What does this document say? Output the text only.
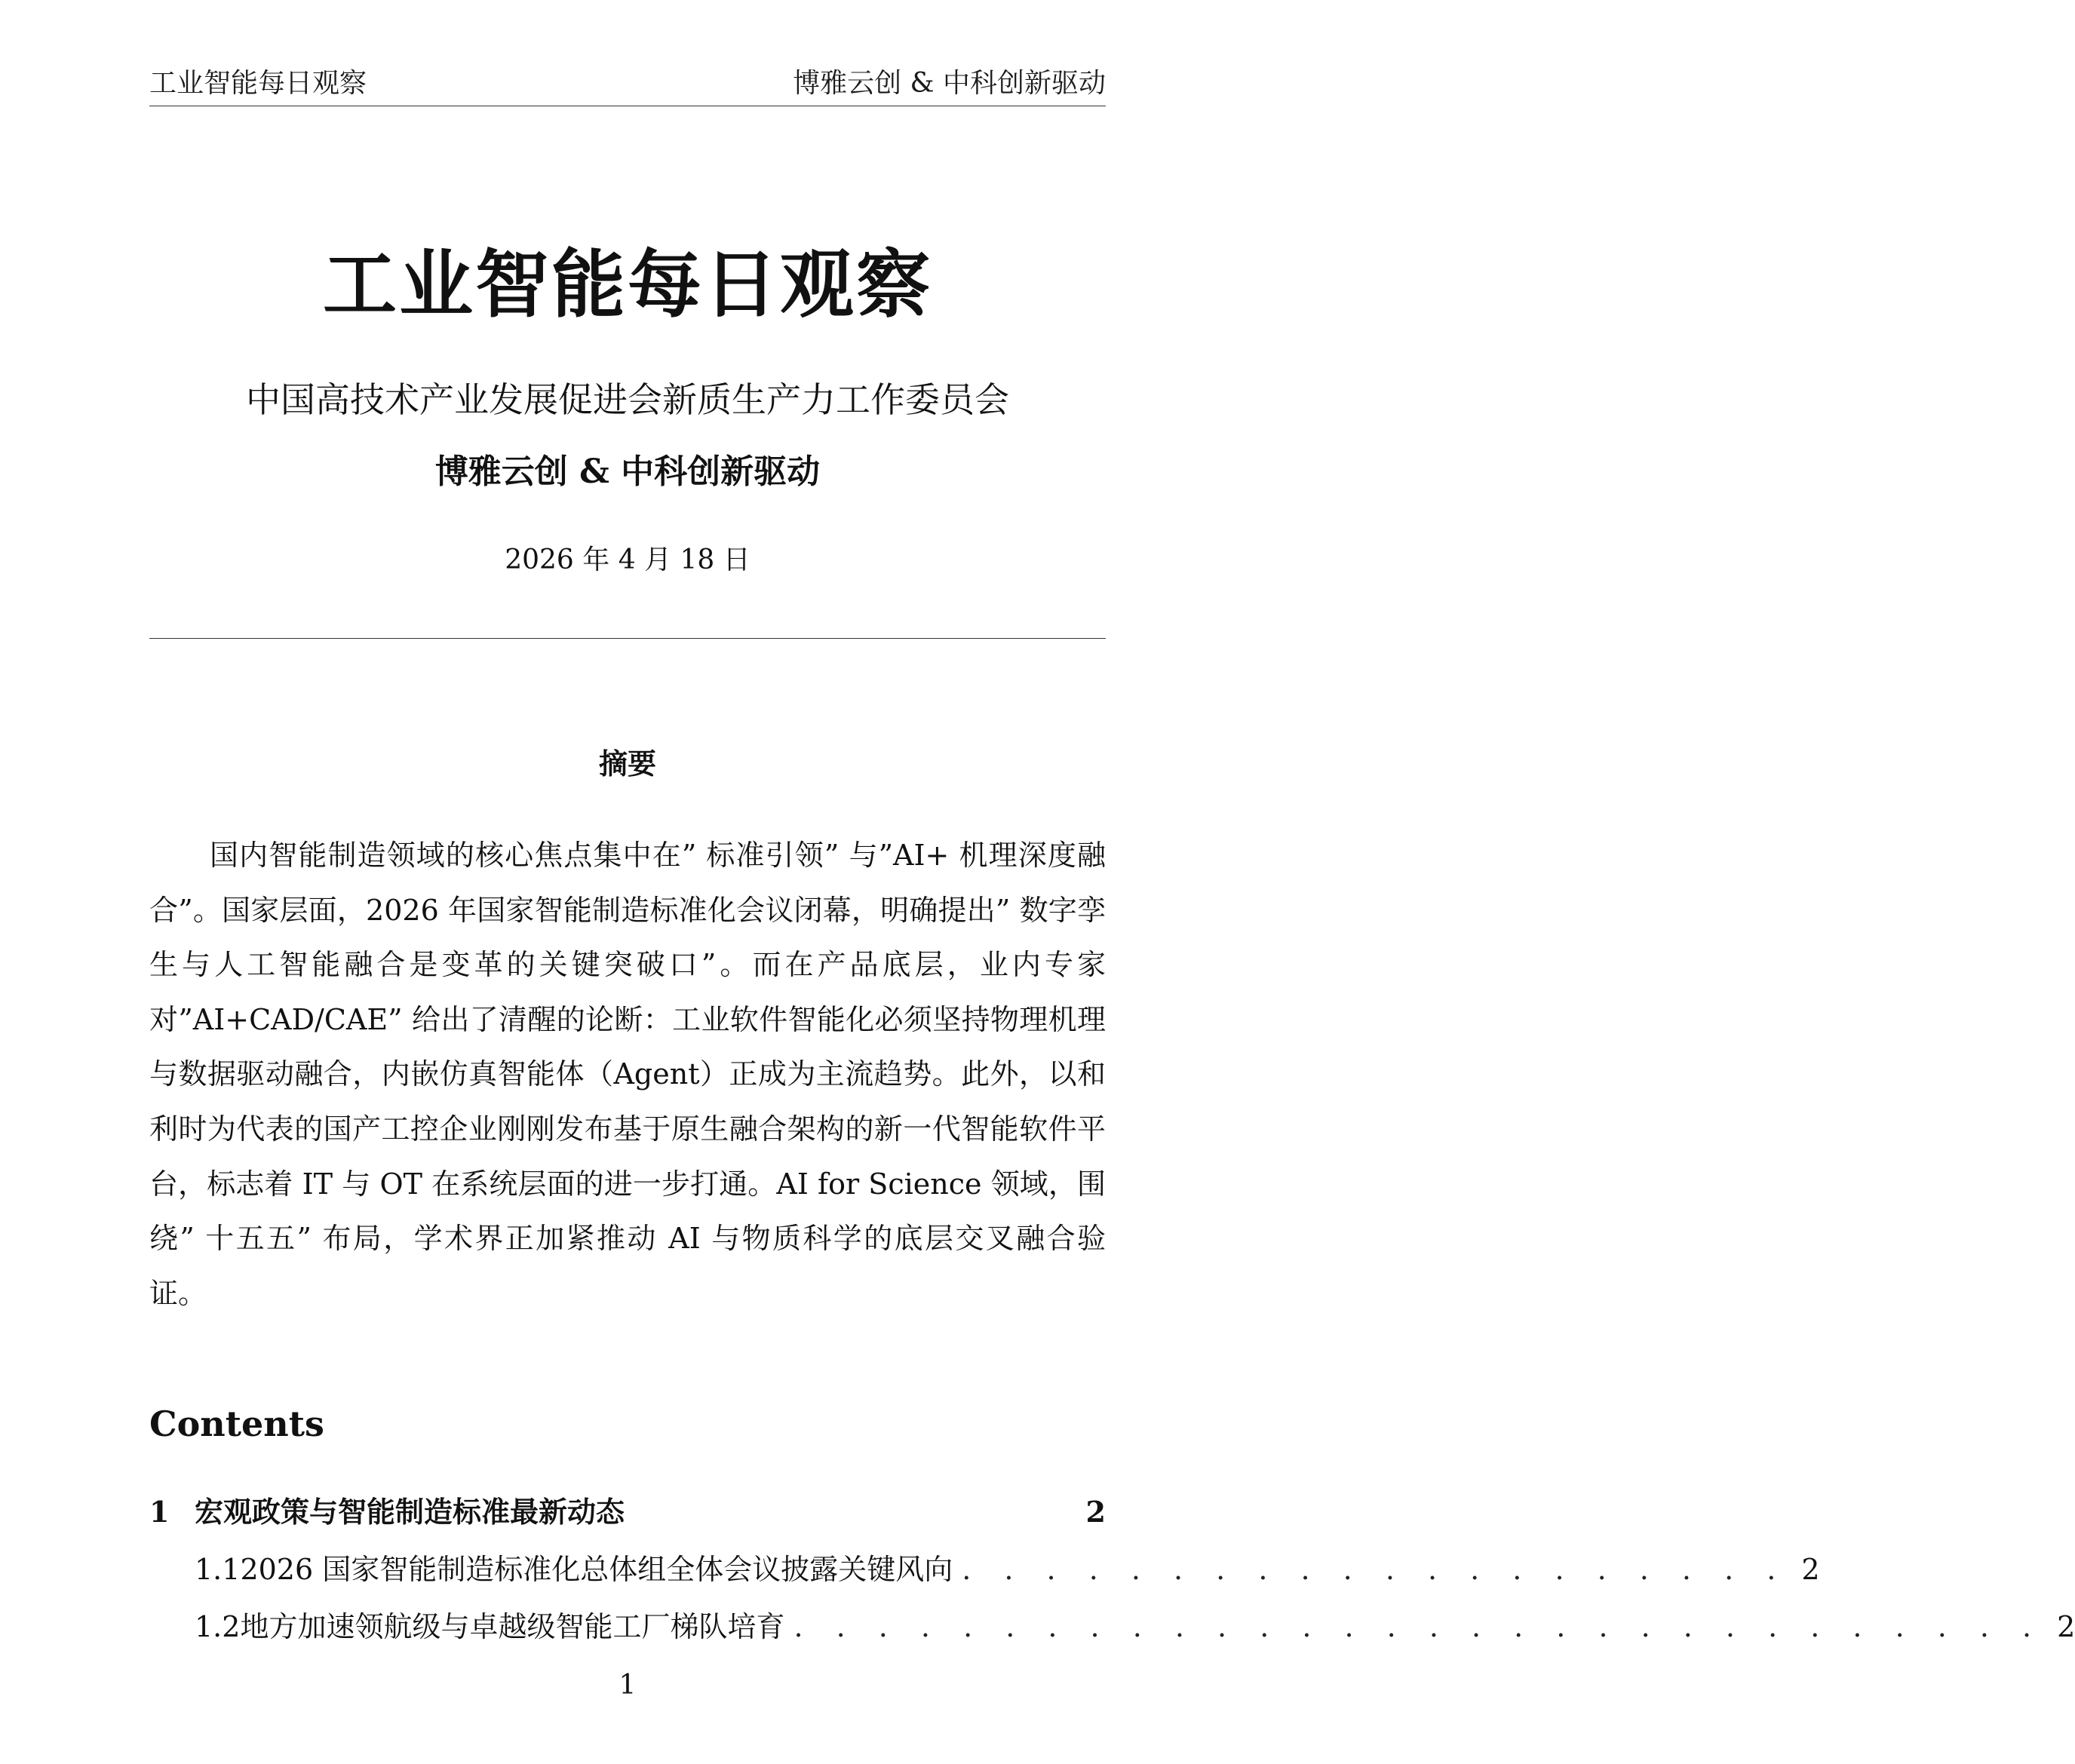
工业智能每日观察	博雅云创 & 中科创新驱动
工业智能每日观察
中国高技术产业发展促进会新质生产力工作委员会
博雅云创 & 中科创新驱动
2026 年 4 月 18 日
摘要

国内智能制造领域的核心焦点集中在” 标准引领” 与”AI+ 机理深度融合”。国家层面，2026 年国家智能制造标准化会议闭幕，明确提出” 数字孪生与人工智能融合是变革的关键突破口”。而在产品底层，业内专家对”AI+CAD/CAE” 给出了清醒的论断：工业软件智能化必须坚持物理机理与数据驱动融合，内嵌仿真智能体（Agent）正成为主流趋势。此外，以和利时为代表的国产工控企业刚刚发布基于原生融合架构的新一代智能软件平台，标志着 IT 与 OT 在系统层面的进一步打通。AI for Science 领域，围绕” 十五五” 布局，学术界正加紧推动 AI 与物质科学的底层交叉融合验证。

Contents
1 宏观政策与智能制造标准最新动态	2
1.1 2026 国家智能制造标准化总体组全体会议披露关键风向 . . . . . . . . . . . . . . . . . . . . 2
1.2 地方加速领航级与卓越级智能工厂梯队培育 . . . . . . . . . . . . . . . . . . . . . . . . . . . . . . 2
1
